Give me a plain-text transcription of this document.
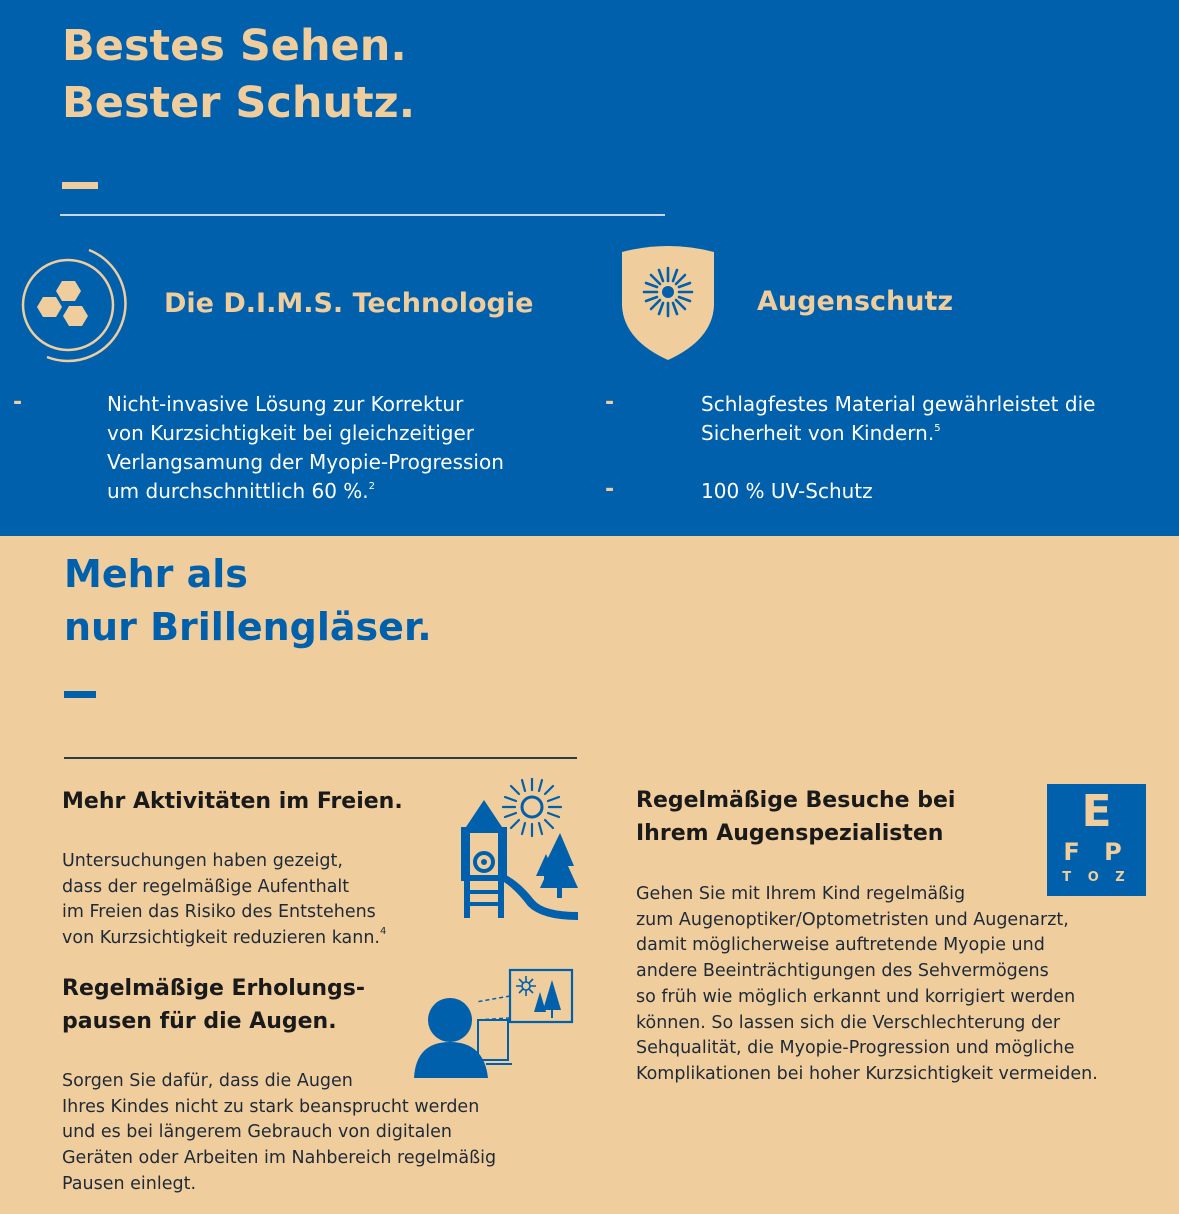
Bestes Sehen.
Bester Schutz.
Die D.I.M.S. Technologie
-	Nicht-invasive Lösung zur Korrektur
von Kurzsichtigkeit bei gleichzeitiger
Verlangsamung der Myopie-Progression
um durchschnittlich 60 %.$^2$

Augenschutz
-	Schlagfestes Material gewährleistet die
Sicherheit von Kindern.$^5$

-	100 % UV-Schutz

Mehr als
nur Brillengläser.
Mehr Aktivitäten im Freien.

Untersuchungen haben gezeigt,
dass der regelmäßige Aufenthalt
im Freien das Risiko des Entstehens
von Kurzsichtigkeit reduzieren kann.$^4$

Regelmäßige Erholungs-
pausen für die Augen.

Sorgen Sie dafür, dass die Augen
Ihres Kindes nicht zu stark beansprucht werden
und es bei längerem Gebrauch von digitalen
Geräten oder Arbeiten im Nahbereich regelmäßig
Pausen einlegt.

Regelmäßige Besuche bei
Ihrem Augenspezialisten	E
F P
T O Z

Gehen Sie mit Ihrem Kind regelmäßig
zum Augenoptiker/Optometristen und Augenarzt,
damit möglicherweise auftretende Myopie und
andere Beeinträchtigungen des Sehvermögens
so früh wie möglich erkannt und korrigiert werden
können. So lassen sich die Verschlechterung der
Sehqualität, die Myopie-Progression und mögliche
Komplikationen bei hoher Kurzsichtigkeit vermeiden.
